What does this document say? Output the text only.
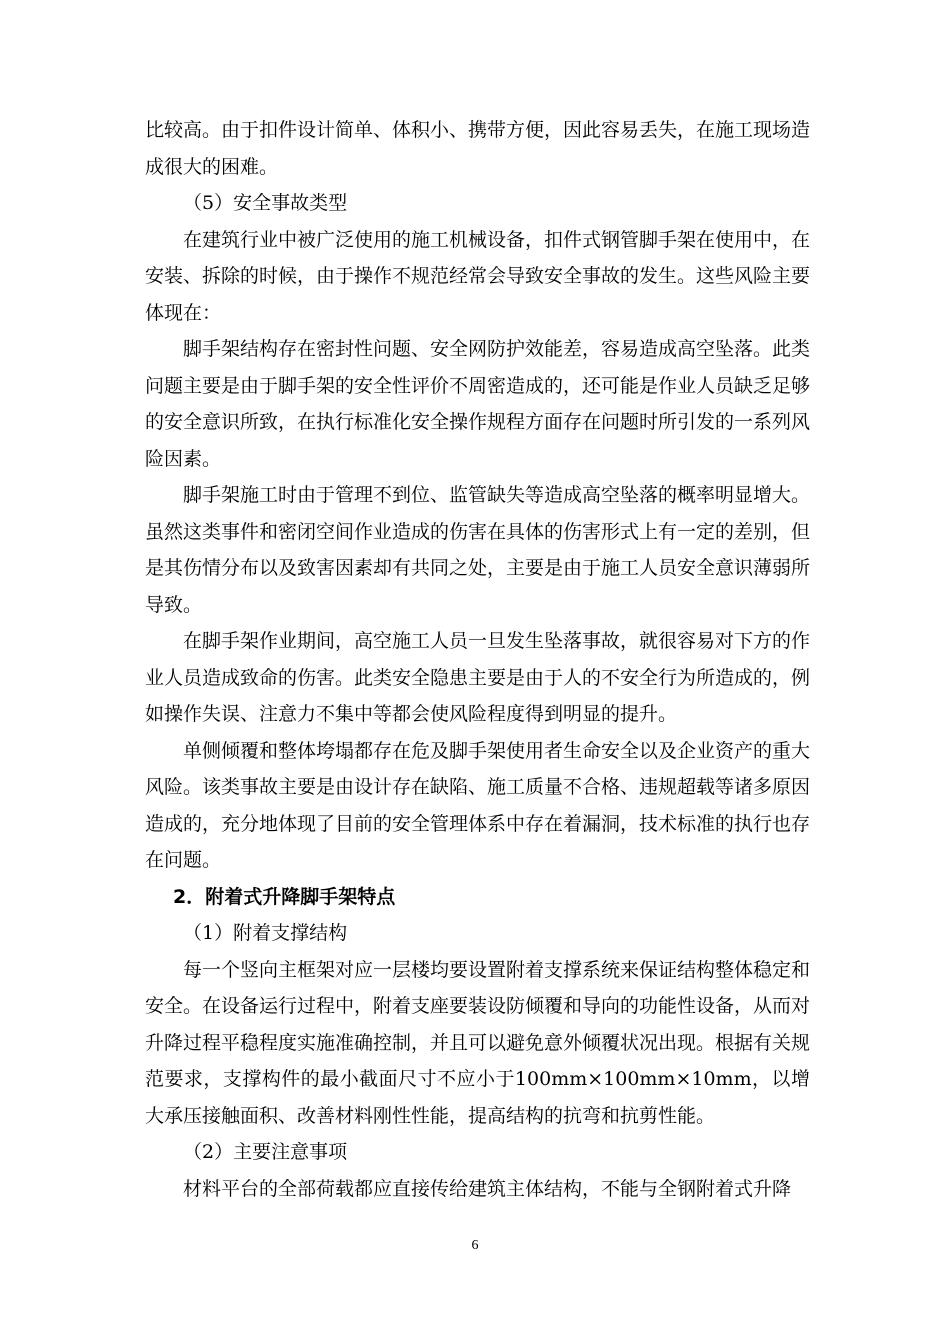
比较高。由于扣件设计简单、体积小、携带方便，因此容易丢失，在施工现场造成很大的困难。

（5）安全事故类型

在建筑行业中被广泛使用的施工机械设备，扣件式钢管脚手架在使用中，在安装、拆除的时候，由于操作不规范经常会导致安全事故的发生。这些风险主要体现在：

脚手架结构存在密封性问题、安全网防护效能差，容易造成高空坠落。此类问题主要是由于脚手架的安全性评价不周密造成的，还可能是作业人员缺乏足够的安全意识所致，在执行标准化安全操作规程方面存在问题时所引发的一系列风险因素。

脚手架施工时由于管理不到位、监管缺失等造成高空坠落的概率明显增大。虽然这类事件和密闭空间作业造成的伤害在具体的伤害形式上有一定的差别，但是其伤情分布以及致害因素却有共同之处，主要是由于施工人员安全意识薄弱所导致。

在脚手架作业期间，高空施工人员一旦发生坠落事故，就很容易对下方的作业人员造成致命的伤害。此类安全隐患主要是由于人的不安全行为所造成的，例如操作失误、注意力不集中等都会使风险程度得到明显的提升。

单侧倾覆和整体垮塌都存在危及脚手架使用者生命安全以及企业资产的重大风险。该类事故主要是由设计存在缺陷、施工质量不合格、违规超载等诸多原因造成的，充分地体现了目前的安全管理体系中存在着漏洞，技术标准的执行也存在问题。

2．附着式升降脚手架特点

（1）附着支撑结构

每一个竖向主框架对应一层楼均要设置附着支撑系统来保证结构整体稳定和安全。在设备运行过程中，附着支座要装设防倾覆和导向的功能性设备，从而对升降过程平稳程度实施准确控制，并且可以避免意外倾覆状况出现。根据有关规范要求，支撑构件的最小截面尺寸不应小于100mm×100mm×10mm，以增大承压接触面积、改善材料刚性性能，提高结构的抗弯和抗剪性能。

（2）主要注意事项

材料平台的全部荷载都应直接传给建筑主体结构，不能与全钢附着式升降

6
